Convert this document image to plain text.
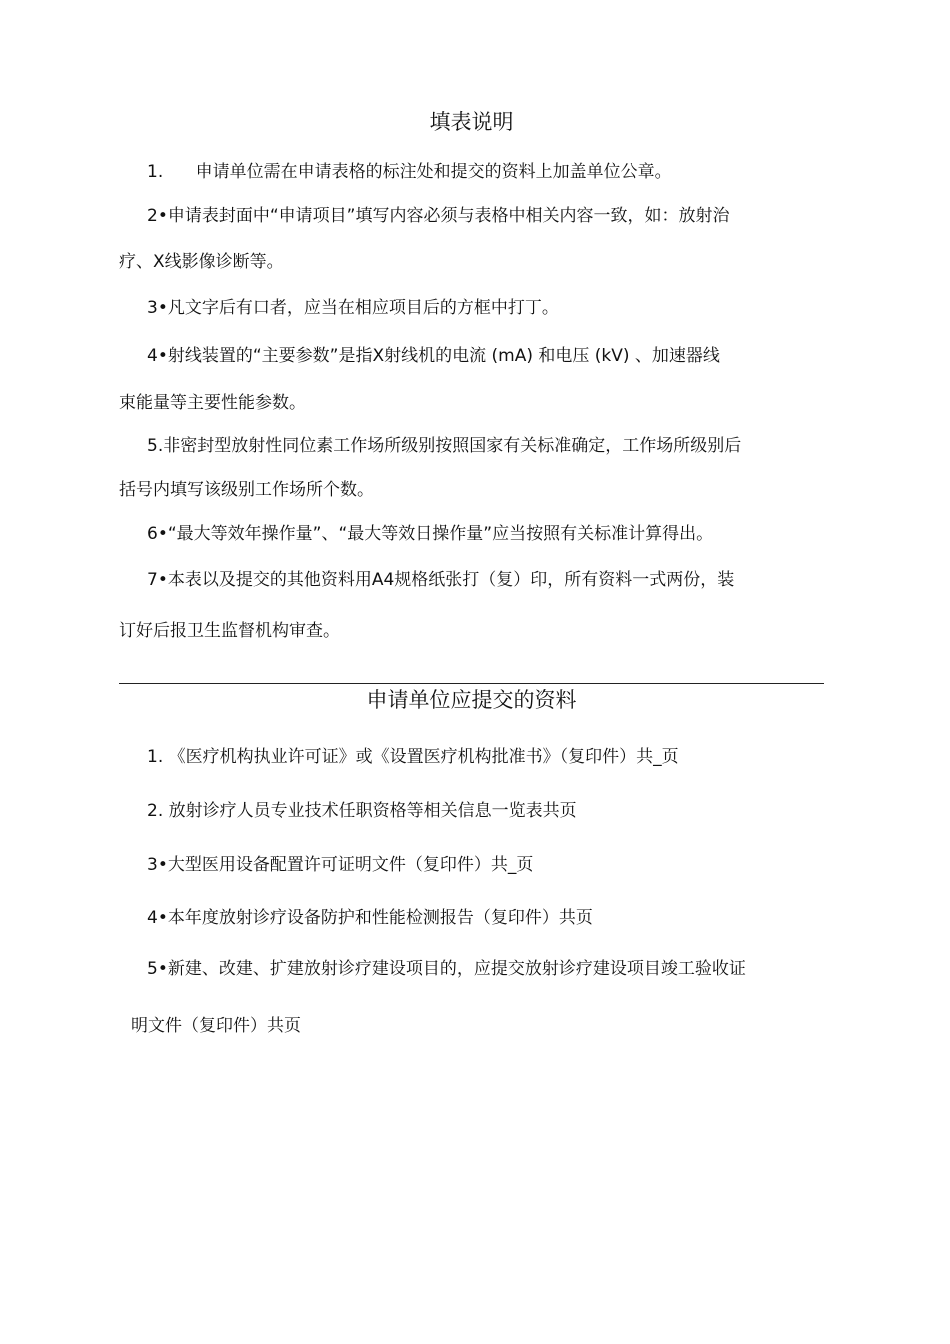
填表说明
1.      申请单位需在申请表格的标注处和提交的资料上加盖单位公章。
2•申请表封面中“申请项目”填写内容必须与表格中相关内容一致，如：放射治
疗、X线影像诊断等。
3•凡文字后有口者，应当在相应项目后的方框中打丁。
4•射线装置的“主要参数”是指X射线机的电流 (mA) 和电压 (kV) 、加速器线
束能量等主要性能参数。
5.非密封型放射性同位素工作场所级别按照国家有关标准确定，工作场所级别后
括号内填写该级别工作场所个数。
6•“最大等效年操作量”、“最大等效日操作量”应当按照有关标准计算得出。
7•本表以及提交的其他资料用A4规格纸张打（复）印，所有资料一式两份，装
订好后报卫生监督机构审查。
申请单位应提交的资料
1. 《医疗机构执业许可证》或《设置医疗机构批准书》（复印件）共_页
2. 放射诊疗人员专业技术任职资格等相关信息一览表共页
3•大型医用设备配置许可证明文件（复印件）共_页
4•本年度放射诊疗设备防护和性能检测报告（复印件）共页
5•新建、改建、扩建放射诊疗建设项目的，应提交放射诊疗建设项目竣工验收证
明文件（复印件）共页
